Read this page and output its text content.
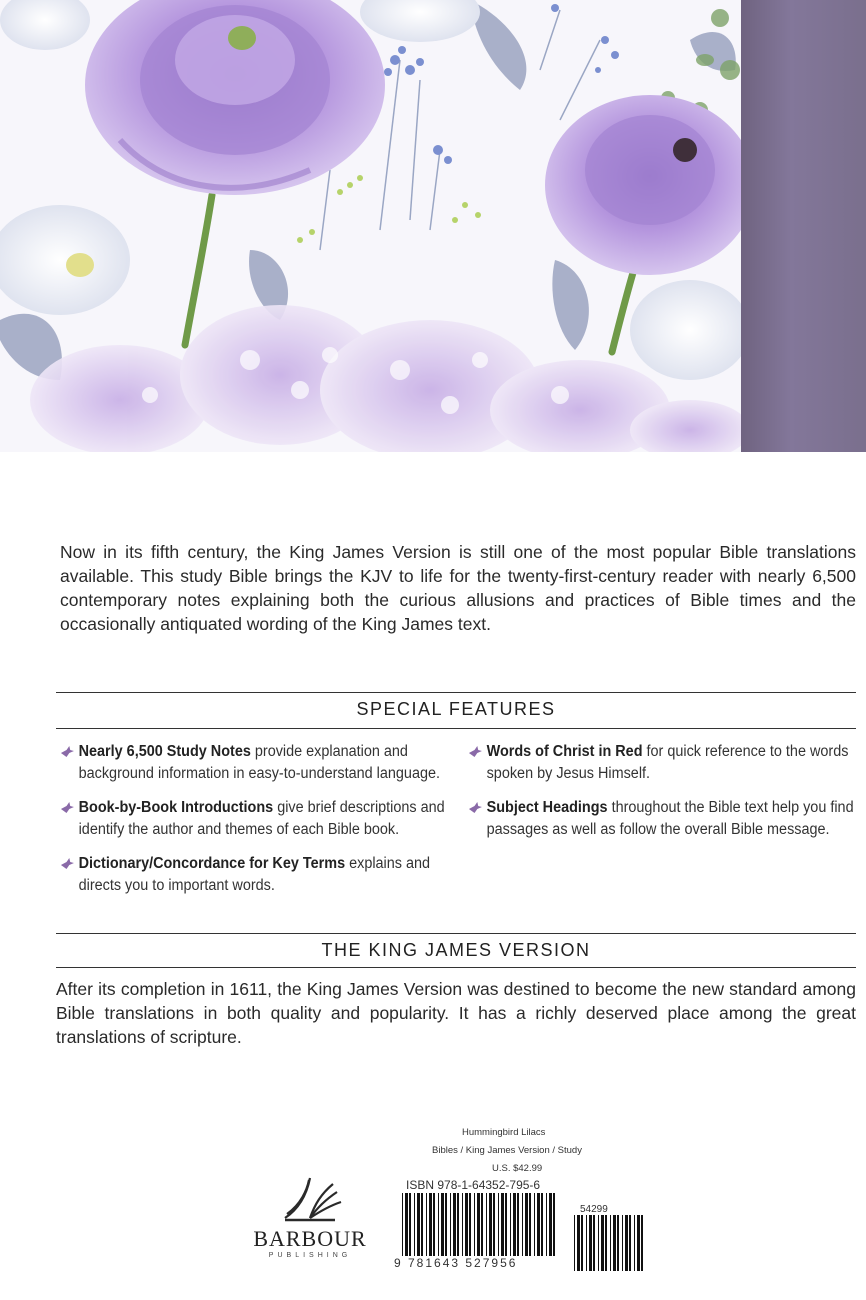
Now in its fifth century, the King James Version is still one of the most popular Bible translations available. This study Bible brings the KJV to life for the twenty-first-century reader with nearly 6,500 contemporary notes explaining both the curious allusions and practices of Bible times and the occasionally antiquated wording of the King James text.
SPECIAL FEATURES
Nearly 6,500 Study Notes provide explanation and background information in easy-to-understand language.
Book-by-Book Introductions give brief descriptions and identify the author and themes of each Bible book.
Dictionary/Concordance for Key Terms explains and directs you to important words.
Words of Christ in Red for quick reference to the words spoken by Jesus Himself.
Subject Headings throughout the Bible text help you find passages as well as follow the overall Bible message.
THE KING JAMES VERSION
After its completion in 1611, the King James Version was destined to become the new standard among Bible translations in both quality and popularity. It has a richly deserved place among the great translations of scripture.
BARBOUR
PUBLISHING
Hummingbird Lilacs
Bibles / King James Version / Study
U.S. $42.99
ISBN 978-1-64352-795-6
9 781643 527956
54299
